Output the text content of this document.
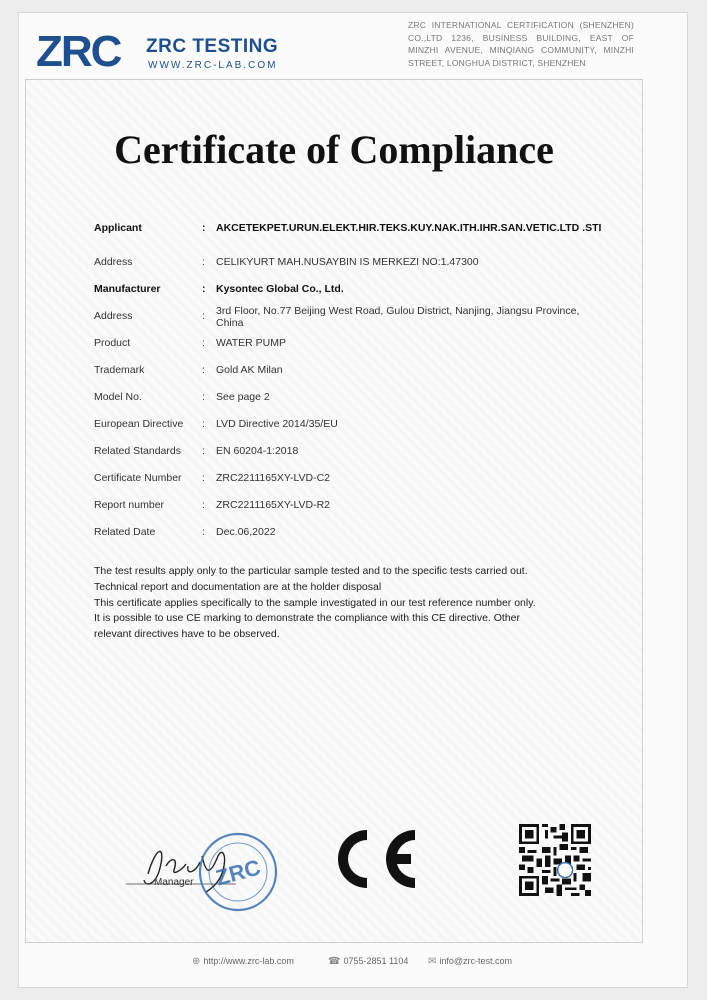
ZRC ZRC TESTING
WWW.ZRC-LAB.COM
ZRC INTERNATIONAL CERTIFICATION (SHENZHEN) CO.,LTD 1236, BUSINESS BUILDING, EAST OF MINZHI AVENUE, MINQIANG COMMUNITY, MINZHI STREET, LONGHUA DISTRICT, SHENZHEN
Certificate of Compliance
Applicant	: AKCETEKPET.URUN.ELEKT.HIR.TEKS.KUY.NAK.ITH.IHR.SAN.VETIC.LTD .STI
Address	: CELIKYURT MAH.NUSAYBIN IS MERKEZI NO:1.47300
Manufacturer	: Kysontec Global Co., Ltd.
Address	: 3rd Floor, No.77 Beijing West Road, Gulou District, Nanjing, Jiangsu Province, China
Product	: WATER PUMP
Trademark	: Gold AK Milan
Model No.	: See page 2
European Directive	: LVD Directive 2014/35/EU
Related Standards	: EN 60204-1:2018
Certificate Number	: ZRC2211165XY-LVD-C2
Report number	: ZRC2211165XY-LVD-R2
Related Date	: Dec.06,2022
The test results apply only to the particular sample tested and to the specific tests carried out.
Technical report and documentation are at the holder disposal
This certificate applies specifically to the sample investigated in our test reference number only.
It is possible to use CE marking to demonstrate the compliance with this CE directive. Other
relevant directives have to be observed.
ZRC
Manager
⊕ http://www.zrc-lab.com	☎ 0755-2851 1104 ✉ info@zrc-test.com
